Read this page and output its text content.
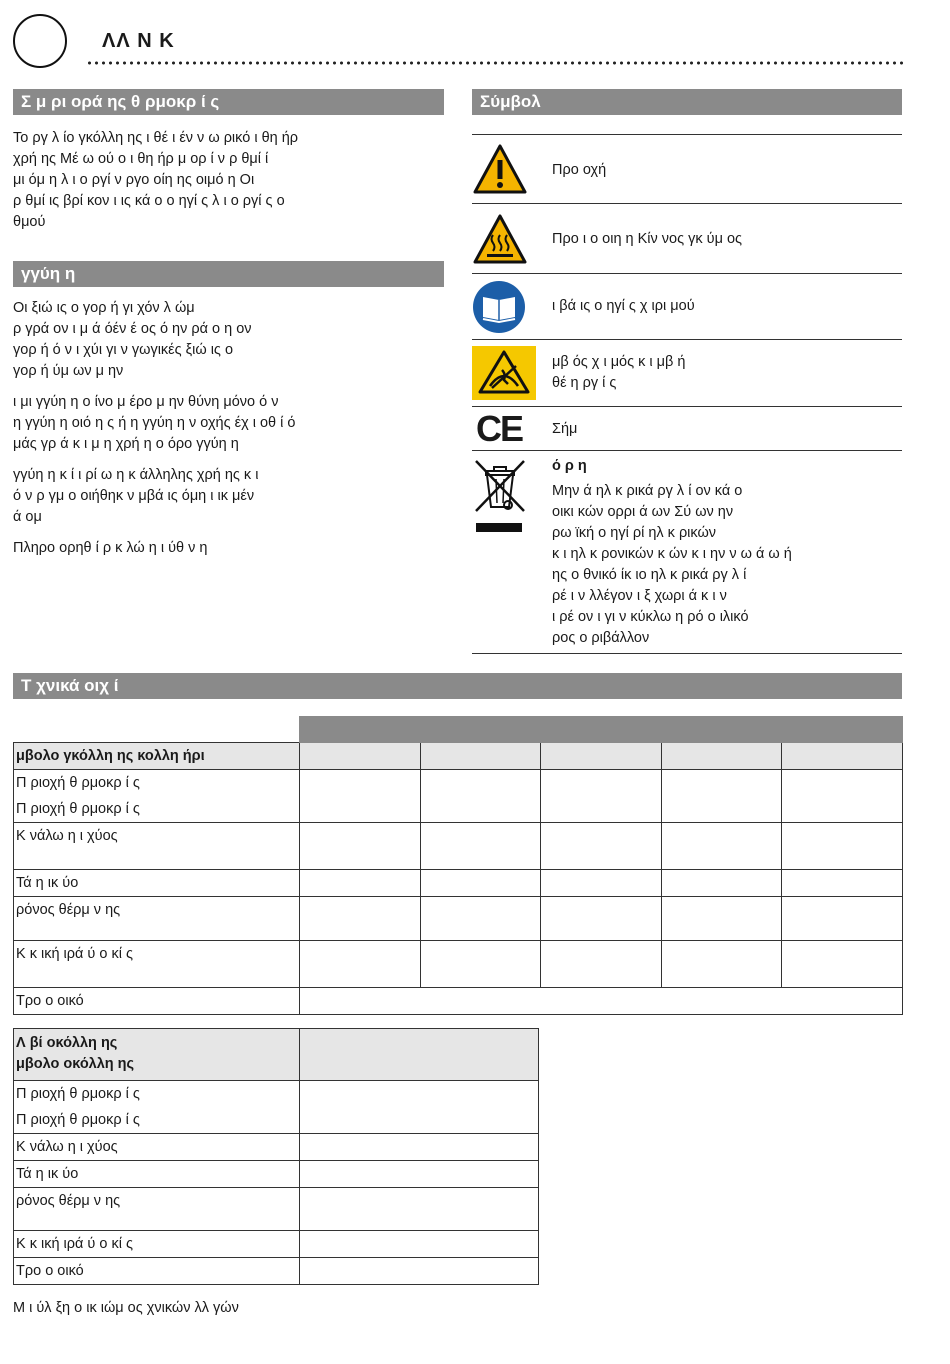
ΛΛ Ν Κ
Σ μ ρι ορά ης θ ρμοκρ ί ς
Το ργ λ ίο γκόλλη ης ι θέ ι έν ν ω ρικό ι θη ήρ
χρή ης Μέ ω ού ο ι θη ήρ μ ορ ί ν ρ θμί ί
μι όμ η λ ι ο ργί ν ργο οίη ης οιμό η Οι
ρ θμί ις βρί κον ι ις κά ο ο ηγί ς λ ι ο ργί ς ο
θμού
γγύη η

Οι ξιώ ις ο γορ ή γι χόν λ ώμ
ρ γρά ον ι μ ά όέν έ ος ό ην ρά ο η ον
γορ ή ό ν ι χύι γι ν γωγικές ξιώ ις ο
γορ ή ύμ ων μ ην

ι μι γγύη η ο ίνο μ έρο μ ην θύνη μόνο ό ν
η γγύη η οιό η ς ή η γγύη η ν οχής έχ ι οθ ί ό
μάς γρ ά κ ι μ η χρή η ο όρο γγύη η

γγύη η κ ί ι ρί ω η κ άλληλης χρή ης κ ι
ό ν ρ γμ ο οιήθηκ ν μβά ις όμη ι ικ μέν
ά ομ

Πληρο ορηθ ί ρ κ λώ η ι ύθ ν η

Σύμβολ
Προ οχή
Προ ι ο οιη η Κίν νος γκ ύμ ος
ι βά ις ο ηγί ς χ ιρι μού
μβ ός χ ι μός κ ι μβ ή
θέ η ργ ί ς
C​E Σήμ
ό ρ η
Μην ά ηλ κ ρικά ργ λ ί ον κά ο
οικι κών ορρι ά ων Σύ ων ην
ρω ϊκή ο ηγί ρί ηλ κ ρικών
κ ι ηλ κ ρονικών κ ών κ ι ην ν ω ά ω ή
ης ο θνικό ίκ ιο ηλ κ ρικά ργ λ ί
ρέ ι ν λλέγον ι ξ χωρι ά κ ι ν
ι ρέ ον ι γι ν κύκλω η ρό ο ιλικό
ρος ο ριβάλλον
Τ χνικά οιχ ί

μβολο γκόλλη ης κολλη ήρι					

Π ριοχή θ ρμοκρ ί ς
Π ριοχή θ ρμοκρ ί ς					

Κ νάλω η ι χύος					
Τά η ικ ύο					
ρόνος θέρμ ν ης					
Κ κ ική ιρά ύ ο κί ς					
Τρο ο οικό					
Λ βί οκόλλη ης
μβολο οκόλλη ης	

Π ριοχή θ ρμοκρ ί ς
Π ριοχή θ ρμοκρ ί ς	

Κ νάλω η ι χύος	
Τά η ικ ύο	
ρόνος θέρμ ν ης	
Κ κ ική ιρά ύ ο κί ς	
Τρο ο οικό	
Μ ι ύλ ξη ο ικ ιώμ ος χνικών λλ γών
